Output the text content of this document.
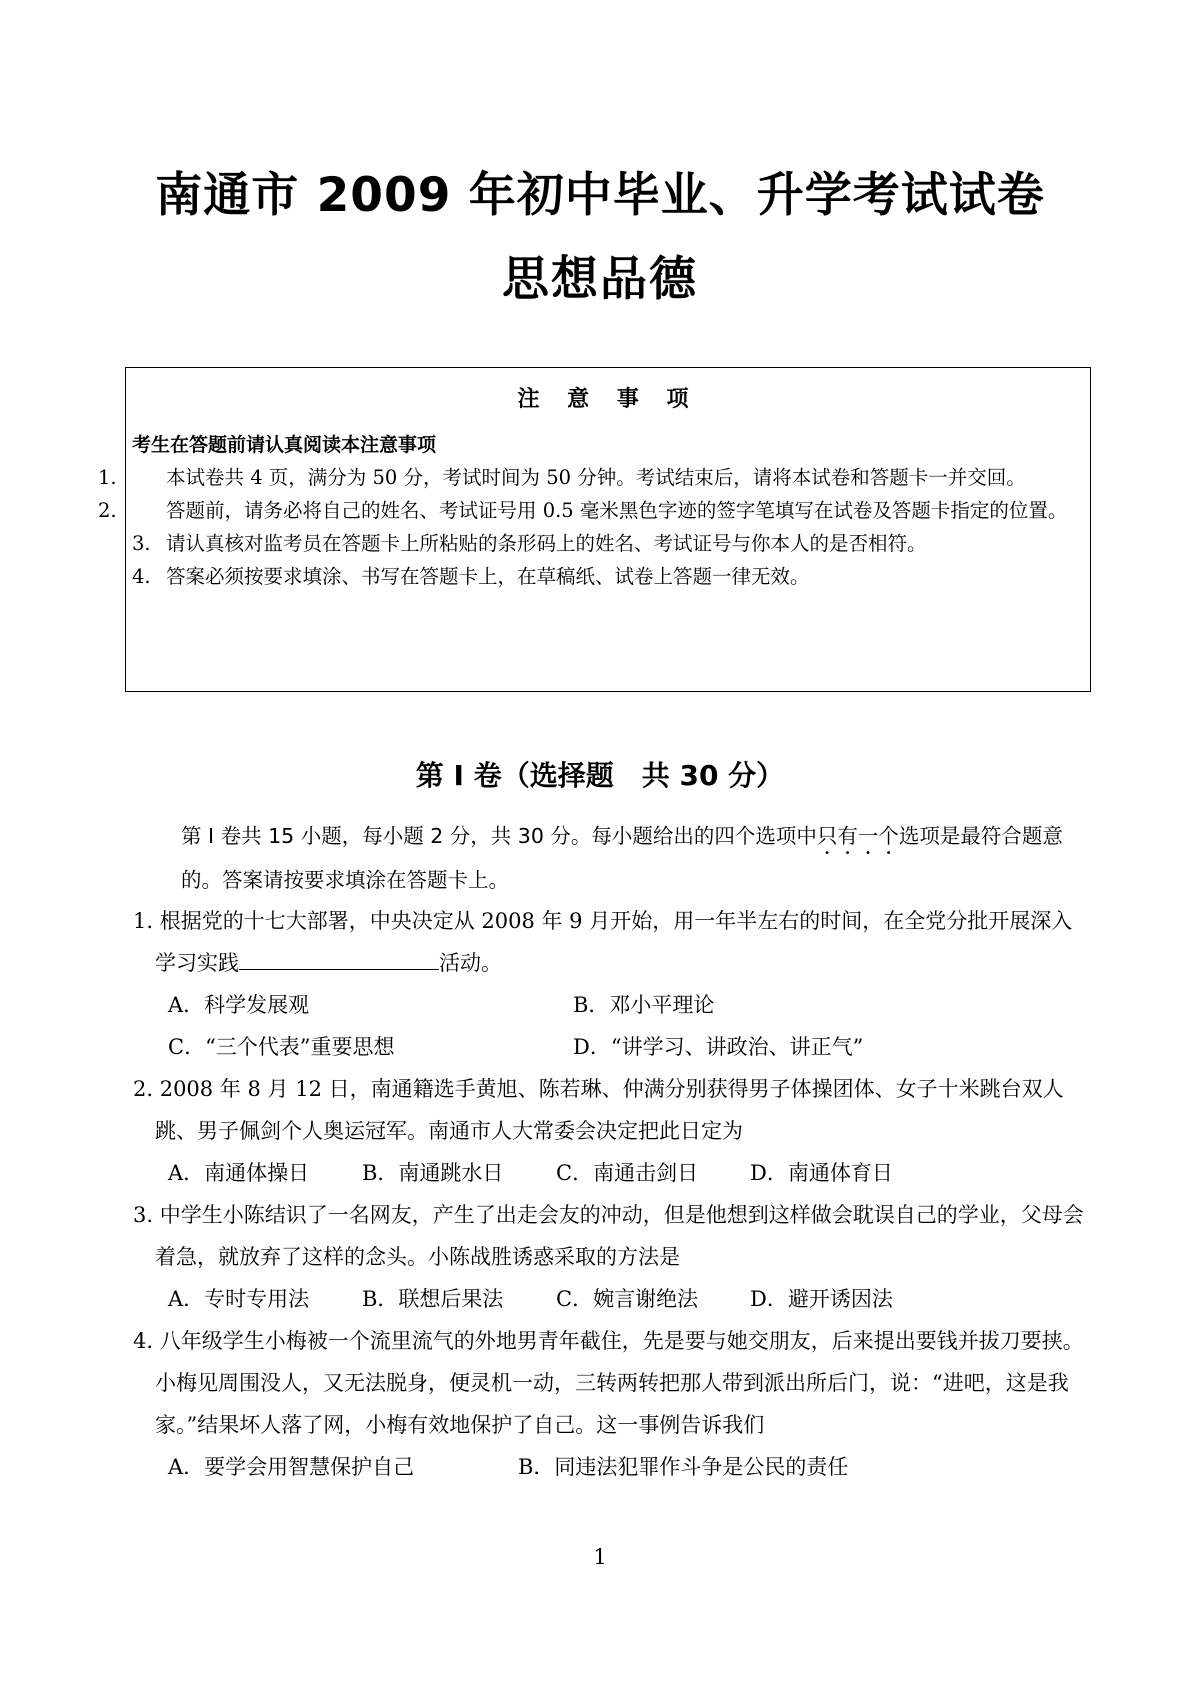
南通市 2009 年初中毕业、升学考试试卷
思想品德
注 意 事 项
考生在答题前请认真阅读本注意事项
1.	本试卷共 4 页，满分为 50 分，考试时间为 50 分钟。考试结束后，请将本试卷和答题卡一并交回。
2.	答题前，请务必将自己的姓名、考试证号用 0.5 毫米黑色字迹的签字笔填写在试卷及答题卡指定的位置。
3. 请认真核对监考员在答题卡上所粘贴的条形码上的姓名、考试证号与你本人的是否相符。
4. 答案必须按要求填涂、书写在答题卡上，在草稿纸、试卷上答题一律无效。
第 Ⅰ 卷（选择题　共 30 分）
第 Ⅰ 卷共 15 小题，每小题 2 分，共 30 分。每小题给出的四个选项中只有一个选项是最符合题意的。答案请按要求填涂在答题卡上。
1. 根据党的十七大部署，中央决定从 2008 年 9 月开始，用一年半左右的时间，在全党分批开展深入学习实践	活动。
A．科学发展观	B．邓小平理论
C．“三个代表”重要思想	D．“讲学习、讲政治、讲正气”
2. 2008 年 8 月 12 日，南通籍选手黄旭、陈若琳、仲满分别获得男子体操团体、女子十米跳台双人跳、男子佩剑个人奥运冠军。南通市人大常委会决定把此日定为
A．南通体操日	B．南通跳水日	C．南通击剑日	D．南通体育日
3. 中学生小陈结识了一名网友，产生了出走会友的冲动，但是他想到这样做会耽误自己的学业，父母会着急，就放弃了这样的念头。小陈战胜诱惑采取的方法是
A．专时专用法	B．联想后果法	C．婉言谢绝法	D．避开诱因法
4. 八年级学生小梅被一个流里流气的外地男青年截住，先是要与她交朋友，后来提出要钱并拔刀要挟。小梅见周围没人，又无法脱身，便灵机一动，三转两转把那人带到派出所后门，说：“进吧，这是我家。”结果坏人落了网，小梅有效地保护了自己。这一事例告诉我们
A．要学会用智慧保护自己	B．同违法犯罪作斗争是公民的责任
1
